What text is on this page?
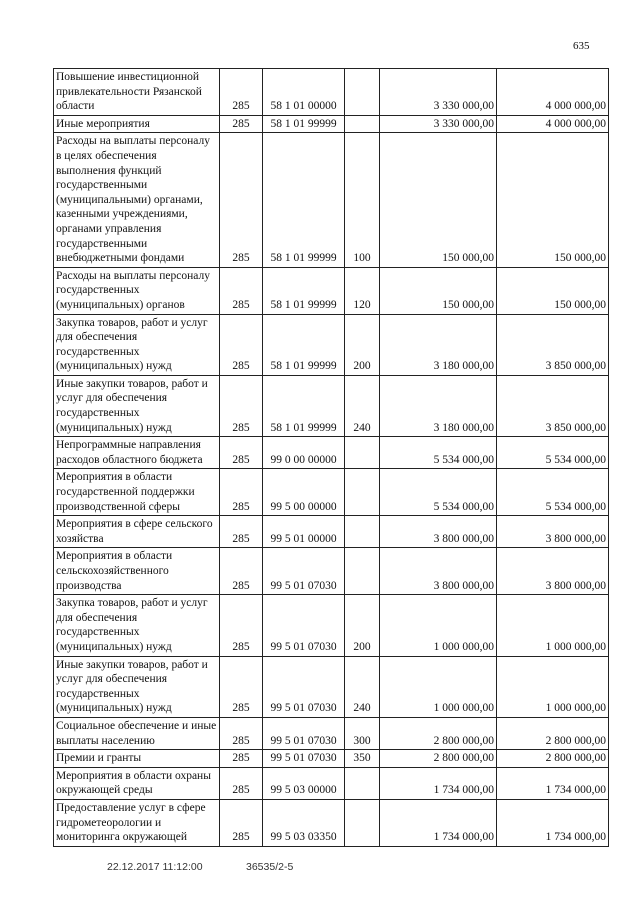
635
Повышение инвестиционной привлекательности Рязанской области	285	58 1 01 00000		3 330 000,00	4 000 000,00
Иные мероприятия	285	58 1 01 99999		3 330 000,00	4 000 000,00
Расходы на выплаты персоналу в целях обеспечения выполнения функций государственными (муниципальными) органами, казенными учреждениями, органами управления государственными внебюджетными фондами	285	58 1 01 99999	100	150 000,00	150 000,00
Расходы на выплаты персоналу государственных (муниципальных) органов	285	58 1 01 99999	120	150 000,00	150 000,00
Закупка товаров, работ и услуг для обеспечения государственных (муниципальных) нужд	285	58 1 01 99999	200	3 180 000,00	3 850 000,00
Иные закупки товаров, работ и услуг для обеспечения государственных (муниципальных) нужд	285	58 1 01 99999	240	3 180 000,00	3 850 000,00
Непрограммные направления расходов областного бюджета	285	99 0 00 00000		5 534 000,00	5 534 000,00
Мероприятия в области государственной поддержки производственной сферы	285	99 5 00 00000		5 534 000,00	5 534 000,00
Мероприятия в сфере сельского хозяйства	285	99 5 01 00000		3 800 000,00	3 800 000,00
Мероприятия в области сельскохозяйственного производства	285	99 5 01 07030		3 800 000,00	3 800 000,00
Закупка товаров, работ и услуг для обеспечения государственных (муниципальных) нужд	285	99 5 01 07030	200	1 000 000,00	1 000 000,00
Иные закупки товаров, работ и услуг для обеспечения государственных (муниципальных) нужд	285	99 5 01 07030	240	1 000 000,00	1 000 000,00
Социальное обеспечение и иные выплаты населению	285	99 5 01 07030	300	2 800 000,00	2 800 000,00
Премии и гранты	285	99 5 01 07030	350	2 800 000,00	2 800 000,00
Мероприятия в области охраны окружающей среды	285	99 5 03 00000		1 734 000,00	1 734 000,00
Предоставление услуг в сфере гидрометеорологии и мониторинга окружающей	285	99 5 03 03350		1 734 000,00	1 734 000,00
22.12.2017 11:12:00	36535/2-5
